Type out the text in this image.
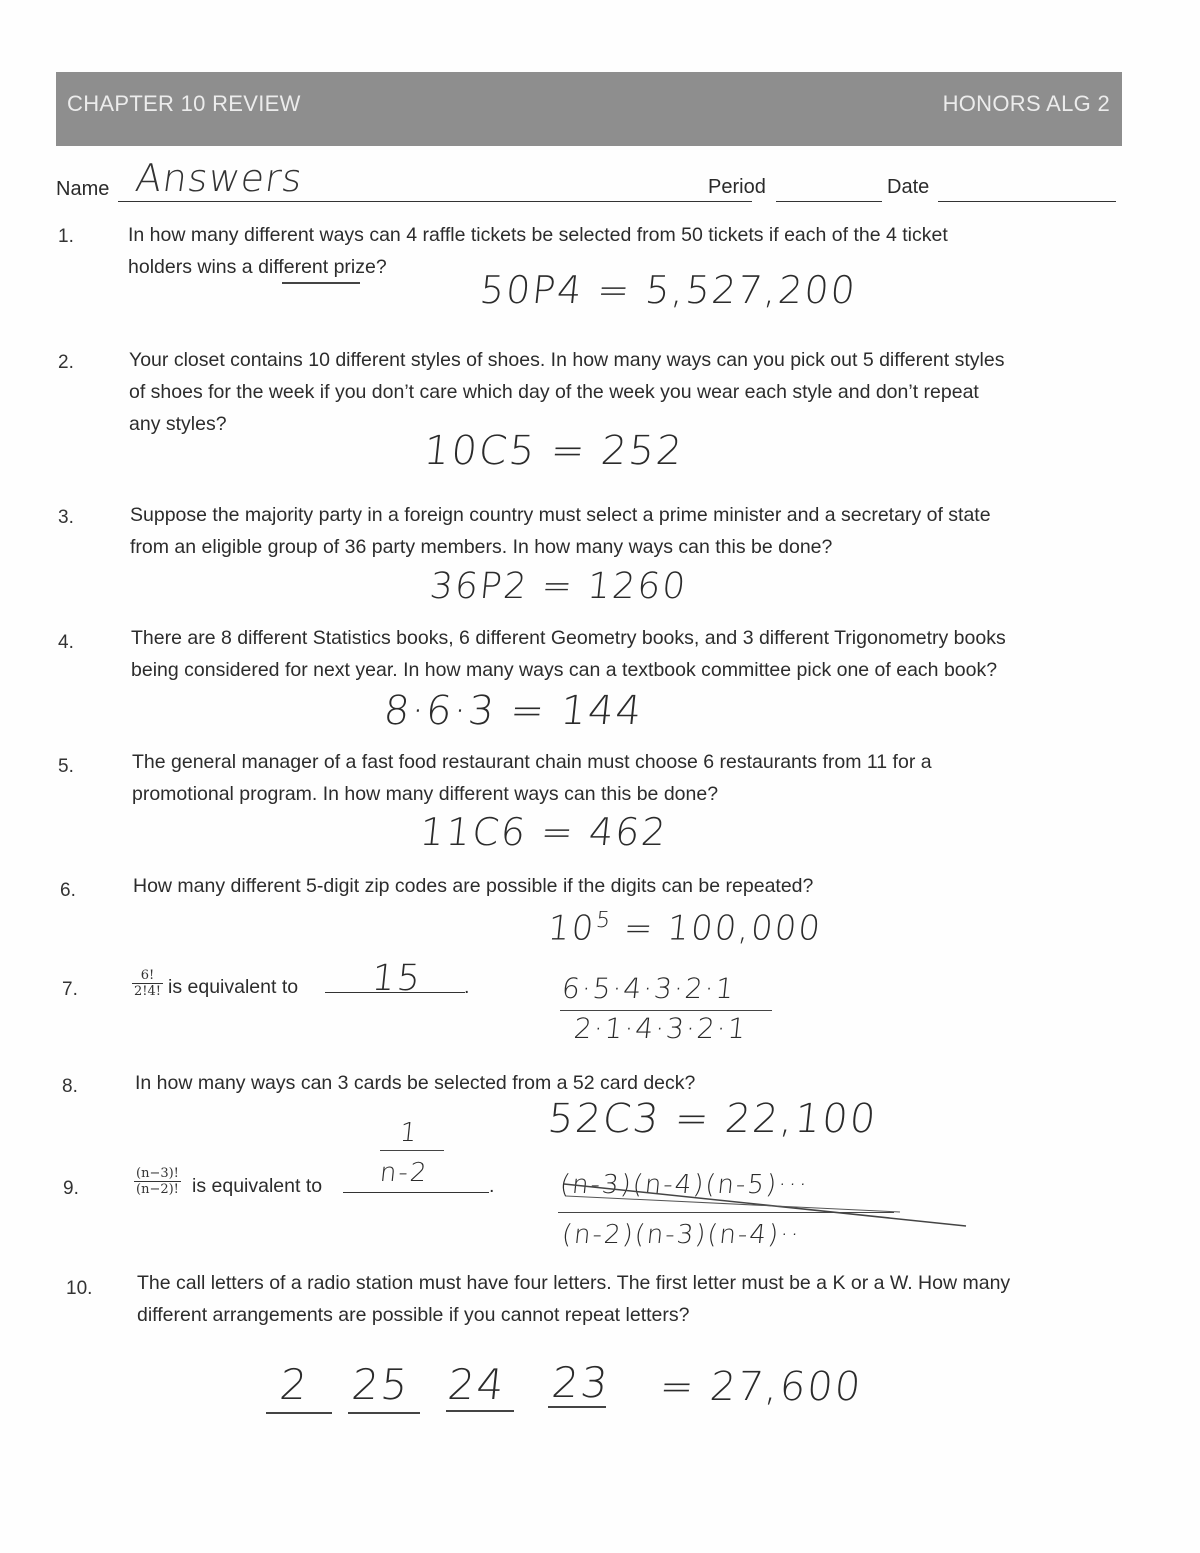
CHAPTER 10 REVIEW	HONORS ALG 2
Name Answers	Period	Date
1.	In how many different ways can 4 raffle tickets be selected from 50 tickets if each of the 4 ticket
holders wins a different prize?
50P4 = 5,527,200
2.	Your closet contains 10 different styles of shoes. In how many ways can you pick out 5 different styles
of shoes for the week if you don’t care which day of the week you wear each style and don’t repeat
any styles?
10C5 = 252
3.	Suppose the majority party in a foreign country must select a prime minister and a secretary of state
from an eligible group of 36 party members. In how many ways can this be done?
36P2 = 1260
4.	There are 8 different Statistics books, 6 different Geometry books, and 3 different Trigonometry books
being considered for next year. In how many ways can a textbook committee pick one of each book?
8·6·3 = 144
5.	The general manager of a fast food restaurant chain must choose 6 restaurants from 11 for a
promotional program. In how many different ways can this be done?
11C6 = 462
6.	How many different 5-digit zip codes are possible if the digits can be repeated?
$10^5 = 100,000$
7.	$\frac{6!}{2!4!}$ is equivalent to 15 .	6·5·4·3·2·1
2·1·4·3·2·1
8.	In how many ways can 3 cards be selected from a 52 card deck?
52C3 = 22,100
9.	$\frac{(n-3)!}{(n-2)!}$ is equivalent to
1
n-2	. (n-3)(n-4)(n-5)···
(n-2)(n-3)(n-4)··
10. The call letters of a radio station must have four letters. The first letter must be a K or a W. How many
different arrangements are possible if you cannot repeat letters?
2 25 24 23 = 27,600
